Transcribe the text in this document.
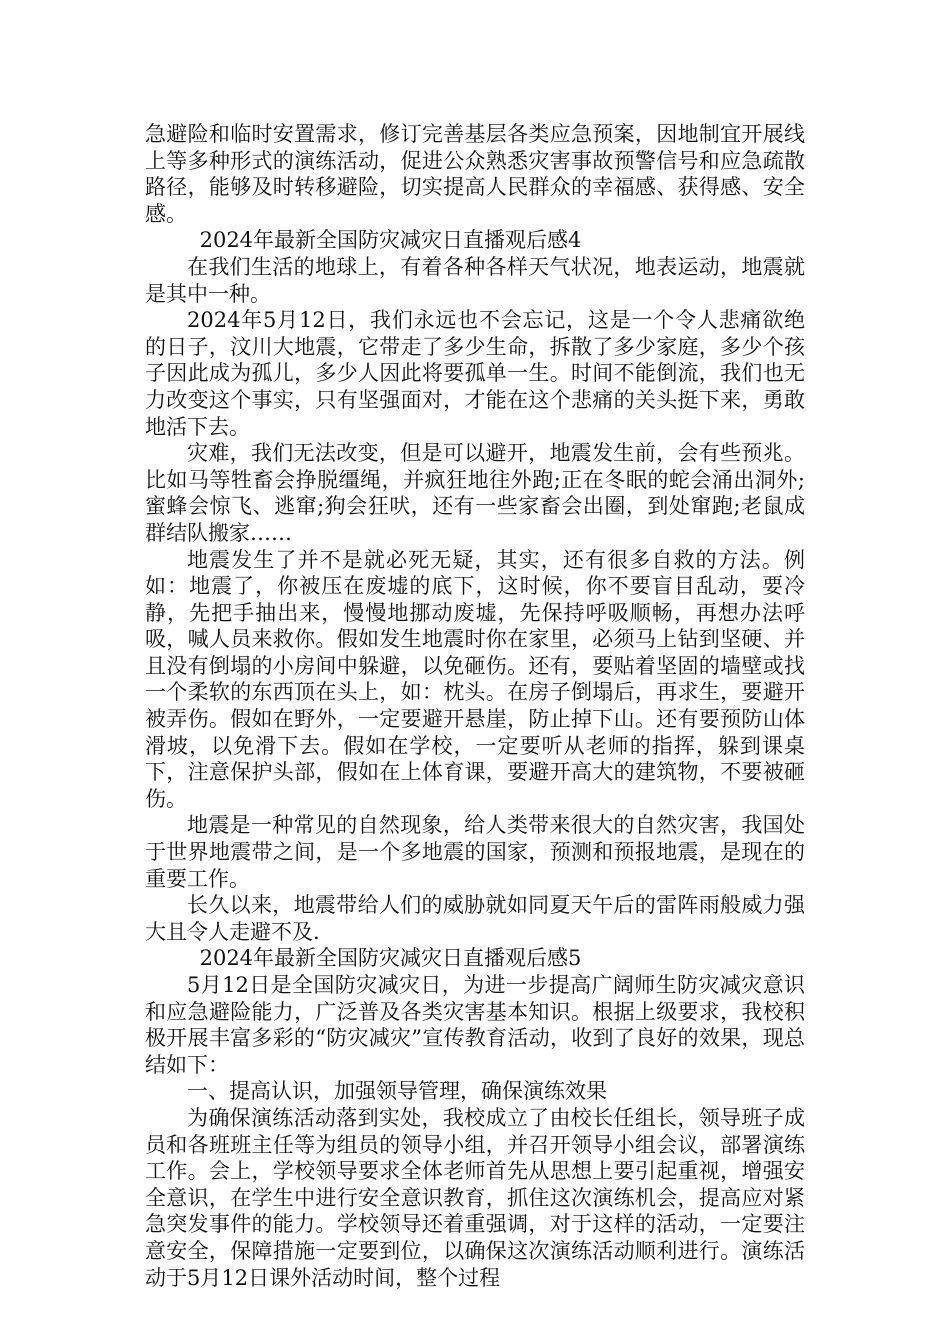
急避险和临时安置需求，修订完善基层各类应急预案，因地制宜开展线上等多种形式的演练活动，促进公众熟悉灾害事故预警信号和应急疏散路径，能够及时转移避险，切实提高人民群众的幸福感、获得感、安全感。

2024年最新全国防灾减灾日直播观后感4

在我们生活的地球上，有着各种各样天气状况，地表运动，地震就是其中一种。

2024年5月12日，我们永远也不会忘记，这是一个令人悲痛欲绝的日子，汶川大地震，它带走了多少生命，拆散了多少家庭，多少个孩子因此成为孤儿，多少人因此将要孤单一生。时间不能倒流，我们也无力改变这个事实，只有坚强面对，才能在这个悲痛的关头挺下来，勇敢地活下去。

灾难，我们无法改变，但是可以避开，地震发生前，会有些预兆。比如马等牲畜会挣脱缰绳，并疯狂地往外跑;正在冬眠的蛇会涌出洞外;蜜蜂会惊飞、逃窜;狗会狂吠，还有一些家畜会出圈，到处窜跑;老鼠成群结队搬家……

地震发生了并不是就必死无疑，其实，还有很多自救的方法。例如：地震了，你被压在废墟的底下，这时候，你不要盲目乱动，要冷静，先把手抽出来，慢慢地挪动废墟，先保持呼吸顺畅，再想办法呼吸，喊人员来救你。假如发生地震时你在家里，必须马上钻到坚硬、并且没有倒塌的小房间中躲避，以免砸伤。还有，要贴着坚固的墙壁或找一个柔软的东西顶在头上，如：枕头。在房子倒塌后，再求生，要避开被弄伤。假如在野外，一定要避开悬崖，防止掉下山。还有要预防山体滑坡，以免滑下去。假如在学校，一定要听从老师的指挥，躲到课桌下，注意保护头部，假如在上体育课，要避开高大的建筑物，不要被砸伤。

地震是一种常见的自然现象，给人类带来很大的自然灾害，我国处于世界地震带之间，是一个多地震的国家，预测和预报地震，是现在的重要工作。

长久以来，地震带给人们的威胁就如同夏天午后的雷阵雨般威力强大且令人走避不及.

2024年最新全国防灾减灾日直播观后感5

5月12日是全国防灾减灾日，为进一步提高广阔师生防灾减灾意识和应急避险能力，广泛普及各类灾害基本知识。根据上级要求，我校积极开展丰富多彩的“防灾减灾”宣传教育活动，收到了良好的效果，现总结如下：

一、提高认识，加强领导管理，确保演练效果

为确保演练活动落到实处，我校成立了由校长任组长，领导班子成员和各班班主任等为组员的领导小组，并召开领导小组会议，部署演练工作。会上，学校领导要求全体老师首先从思想上要引起重视，增强安全意识，在学生中进行安全意识教育，抓住这次演练机会，提高应对紧急突发事件的能力。学校领导还着重强调，对于这样的活动，一定要注意安全，保障措施一定要到位，以确保这次演练活动顺利进行。演练活动于5月12日课外活动时间，整个过程
